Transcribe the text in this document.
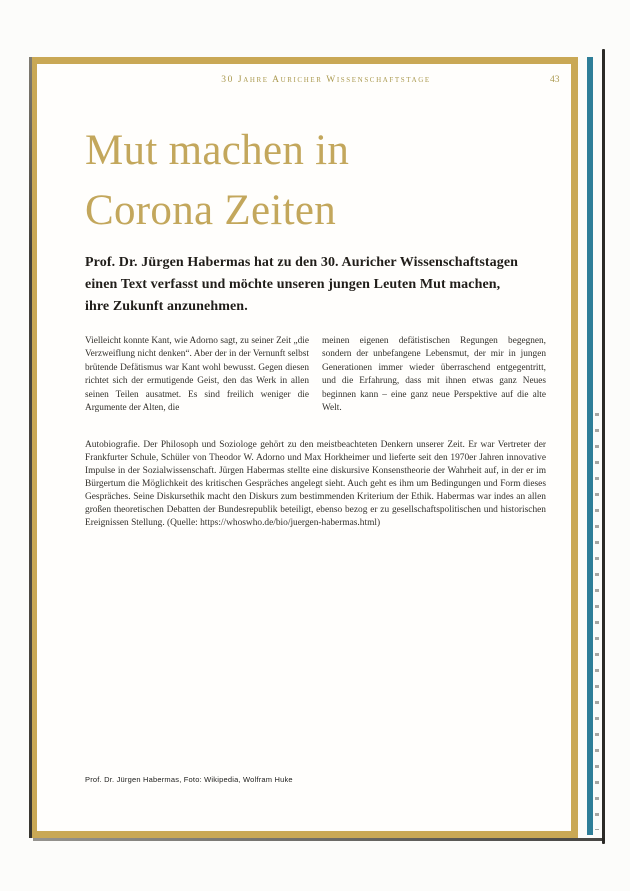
30 Jahre Auricher Wissenschaftstage	43
Mut machen in
Corona Zeiten
Prof. Dr. Jürgen Habermas hat zu den 30. Auricher Wissenschaftstagen
einen Text verfasst und möchte unseren jungen Leuten Mut machen,
ihre Zukunft anzunehmen.
Vielleicht konnte Kant, wie Adorno sagt, zu seiner Zeit „die Verzweiflung nicht denken“. Aber der in der Vernunft selbst brütende Defätismus war Kant wohl bewusst. Gegen diesen richtet sich der ermutigende Geist, den das Werk in allen seinen Teilen ausatmet. Es sind freilich weniger die Argumente der Alten, die
meinen eigenen defätistischen Regungen begegnen, sondern der unbefangene Lebensmut, der mir in jungen Generationen immer wieder überraschend entgegentritt, und die Erfahrung, dass mit ihnen etwas ganz Neues beginnen kann – eine ganz neue Perspektive auf die alte Welt.
Autobiografie. Der Philosoph und Soziologe gehört zu den meistbeachteten Denkern unserer Zeit. Er war Vertreter der Frankfurter Schule, Schüler von Theodor W. Adorno und Max Horkheimer und lieferte seit den 1970er Jahren innovative Impulse in der Sozialwissenschaft. Jürgen Habermas stellte eine diskursive Konsenstheorie der Wahrheit auf, in der er im Bürgertum die Möglichkeit des kritischen Gespräches angelegt sieht. Auch geht es ihm um Bedingungen und Form dieses Gespräches. Seine Diskursethik macht den Diskurs zum bestimmenden Kriterium der Ethik. Habermas war indes an allen großen theoretischen Debatten der Bundesrepublik beteiligt, ebenso bezog er zu gesellschaftspolitischen und historischen Ereignissen Stellung. (Quelle: https://whoswho.de/bio/juergen-habermas.html)
Prof. Dr. Jürgen Habermas, Foto: Wikipedia, Wolfram Huke
